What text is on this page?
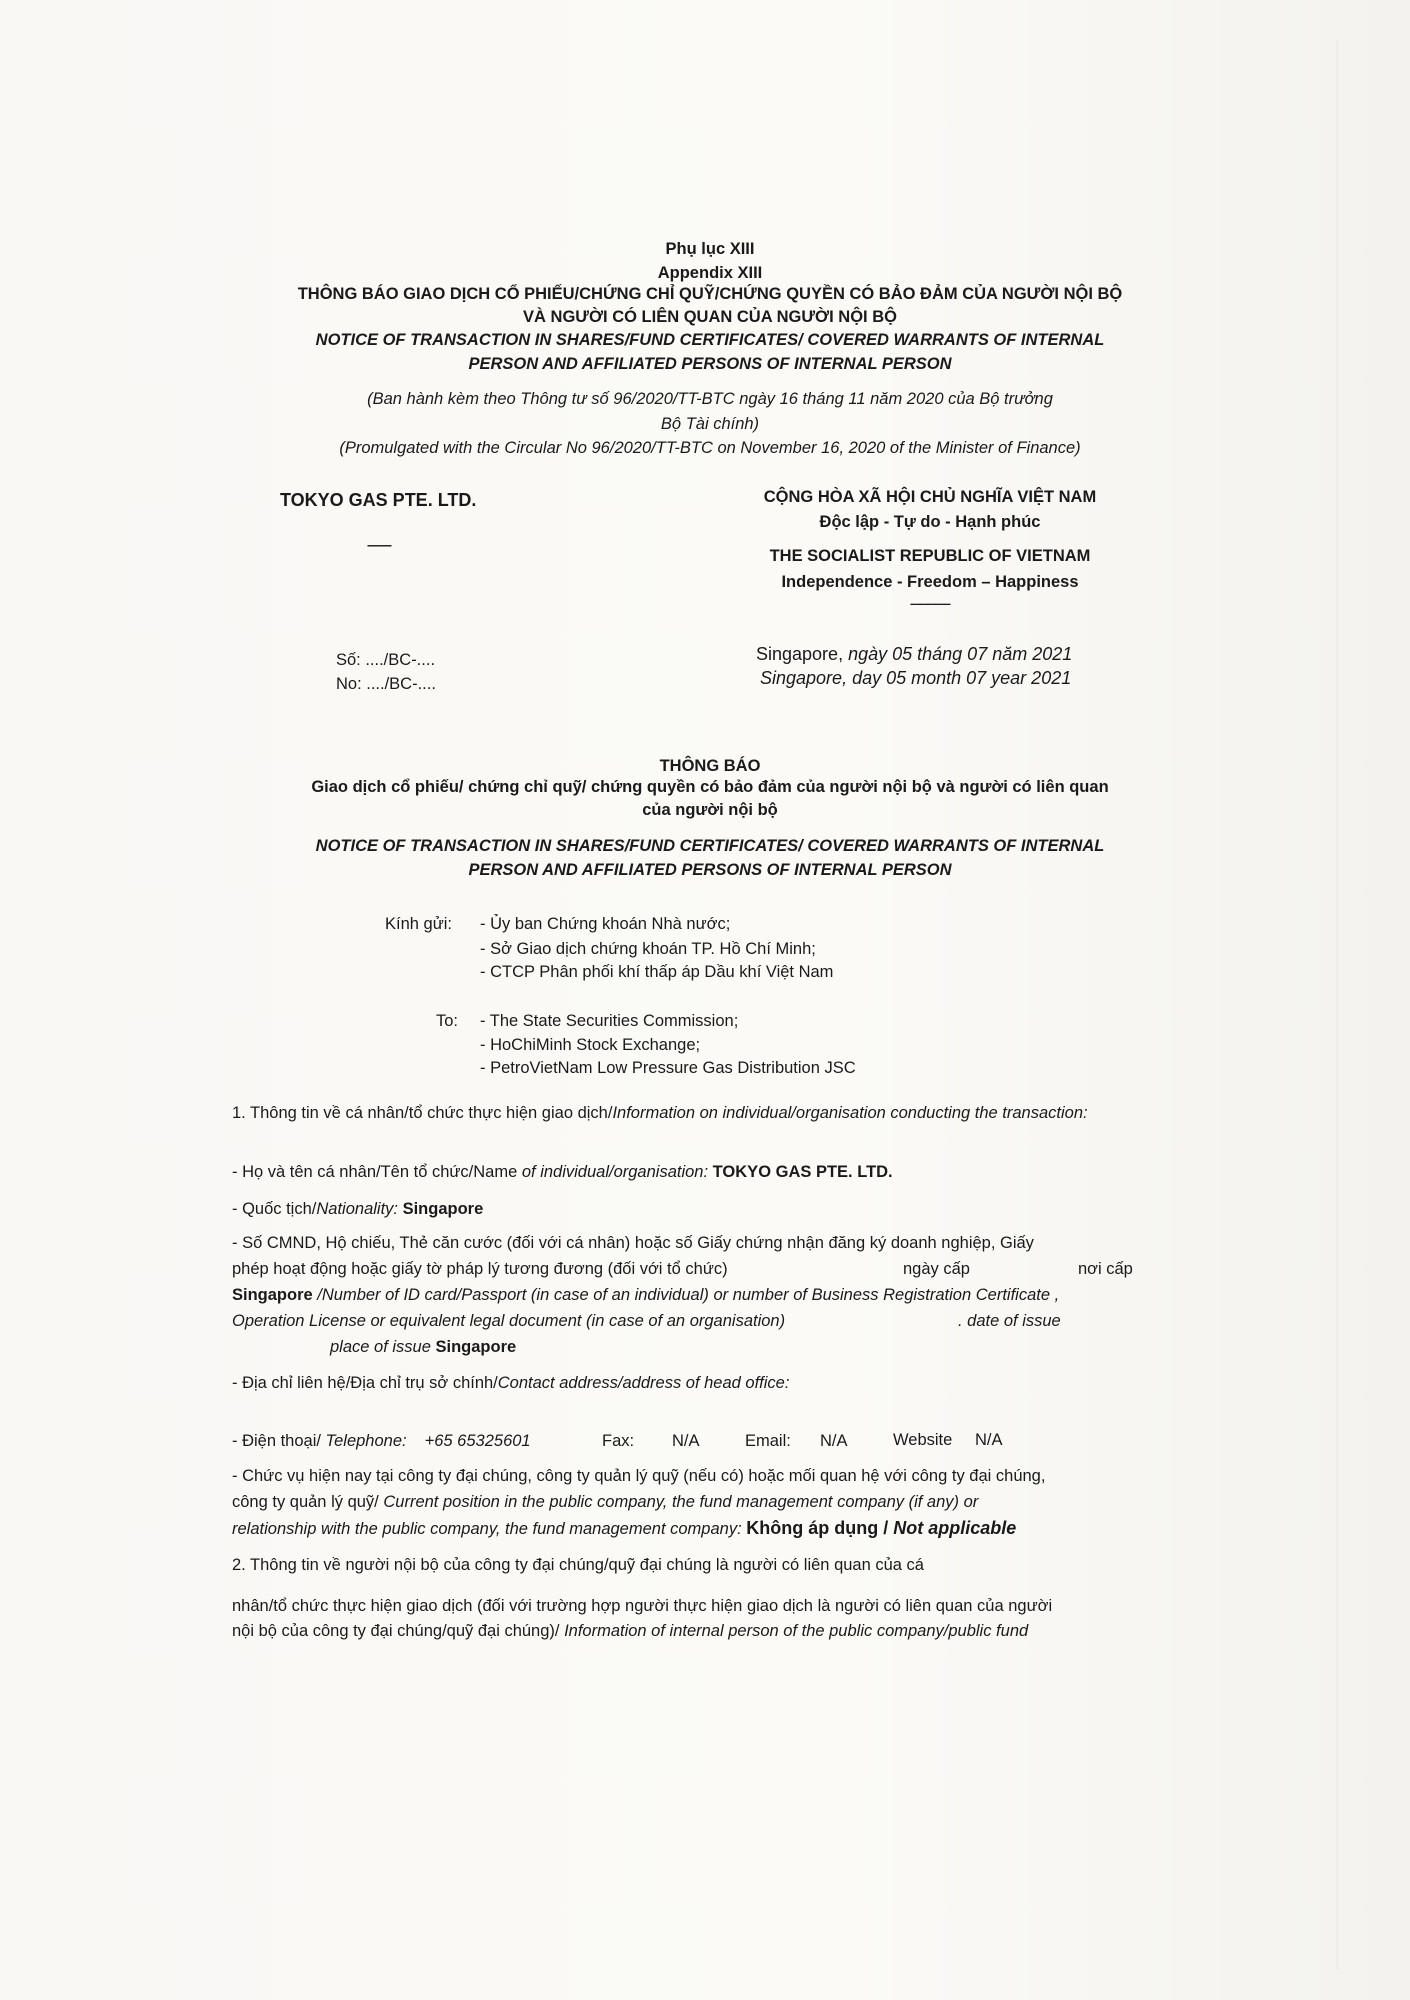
Phụ lục XIII
Appendix XIII
THÔNG BÁO GIAO DỊCH CỔ PHIẾU/CHỨNG CHỈ QUỸ/CHỨNG QUYỀN CÓ BẢO ĐẢM CỦA NGƯỜI NỘI BỘ
VÀ NGƯỜI CÓ LIÊN QUAN CỦA NGƯỜI NỘI BỘ
NOTICE OF TRANSACTION IN SHARES/FUND CERTIFICATES/ COVERED WARRANTS OF INTERNAL
PERSON AND AFFILIATED PERSONS OF INTERNAL PERSON
(Ban hành kèm theo Thông tư số 96/2020/TT-BTC ngày 16 tháng 11 năm 2020 của Bộ trưởng
Bộ Tài chính)
(Promulgated with the Circular No 96/2020/TT-BTC on November 16, 2020 of the Minister of Finance)
TOKYO GAS PTE. LTD.
--------
CỘNG HÒA XÃ HỘI CHỦ NGHĨA VIỆT NAM
Độc lập - Tự do - Hạnh phúc
THE SOCIALIST REPUBLIC OF VIETNAM
Independence - Freedom – Happiness
---------------
Số: ..../BC-....
No: ..../BC-....
Singapore, ngày 05 tháng 07 năm 2021
Singapore, day 05 month 07 year 2021
THÔNG BÁO
Giao dịch cổ phiếu/ chứng chỉ quỹ/ chứng quyền có bảo đảm của người nội bộ và người có liên quan
của người nội bộ
NOTICE OF TRANSACTION IN SHARES/FUND CERTIFICATES/ COVERED WARRANTS OF INTERNAL
PERSON AND AFFILIATED PERSONS OF INTERNAL PERSON
Kính gửi: - Ủy ban Chứng khoán Nhà nước;
- Sở Giao dịch chứng khoán TP. Hồ Chí Minh;
- CTCP Phân phối khí thấp áp Dầu khí Việt Nam
To: - The State Securities Commission;
- HoChiMinh Stock Exchange;
- PetroVietNam Low Pressure Gas Distribution JSC
1. Thông tin về cá nhân/tổ chức thực hiện giao dịch/Information on individual/organisation conducting the transaction:
- Họ và tên cá nhân/Tên tổ chức/Name of individual/organisation: TOKYO GAS PTE. LTD.
- Quốc tịch/Nationality: Singapore
- Số CMND, Hộ chiếu, Thẻ căn cước (đối với cá nhân) hoặc số Giấy chứng nhận đăng ký doanh nghiệp, Giấy
phép hoạt động hoặc giấy tờ pháp lý tương đương (đối với tổ chức)	ngày cấp	nơi cấp
Singapore /Number of ID card/Passport (in case of an individual) or number of Business Registration Certificate ,
Operation License or equivalent legal document (in case of an organisation)	. date of issue
place of issue Singapore
- Địa chỉ liên hệ/Địa chỉ trụ sở chính/Contact address/address of head office:
- Điện thoại/ Telephone: +65 65325601	Fax: N/A	Email: N/A	Website N/A
- Chức vụ hiện nay tại công ty đại chúng, công ty quản lý quỹ (nếu có) hoặc mối quan hệ với công ty đại chúng,
công ty quản lý quỹ/ Current position in the public company, the fund management company (if any) or
relationship with the public company, the fund management company: Không áp dụng / Not applicable
2. Thông tin về người nội bộ của công ty đại chúng/quỹ đại chúng là người có liên quan của cá
nhân/tổ chức thực hiện giao dịch (đối với trường hợp người thực hiện giao dịch là người có liên quan của người
nội bộ của công ty đại chúng/quỹ đại chúng)/ Information of internal person of the public company/public fund
